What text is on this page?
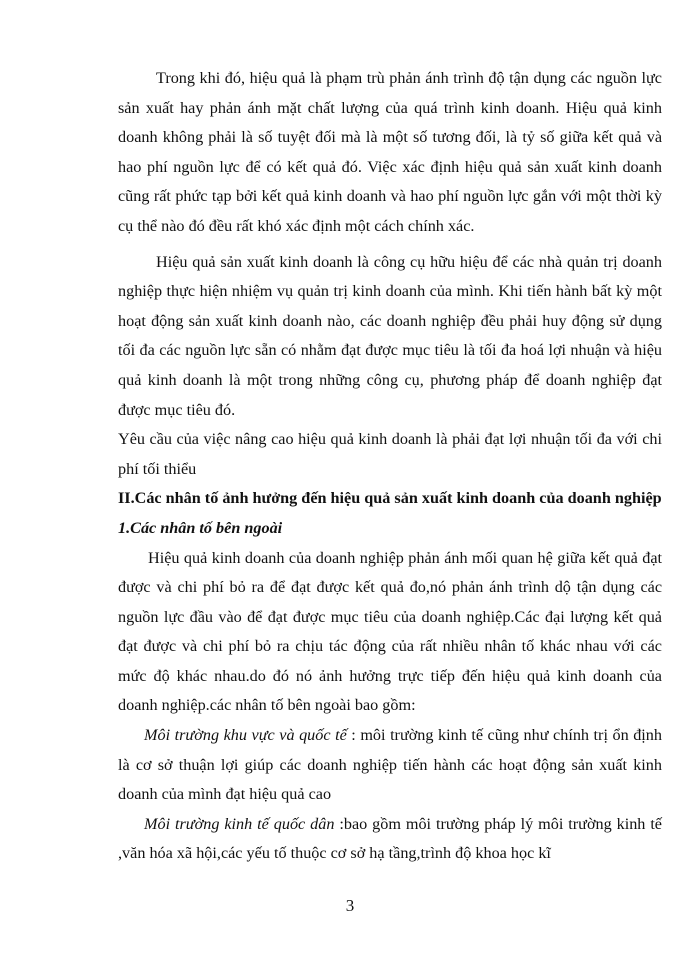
Trong khi đó, hiệu quả là phạm trù phản ánh trình độ tận dụng các nguồn lực sản xuất hay phản ánh mặt chất lượng của quá trình kinh doanh. Hiệu quả kinh doanh không phải là số tuyệt đối mà là một số tương đối, là tỷ số giữa kết quả và hao phí nguồn lực để có kết quả đó. Việc xác định hiệu quả sản xuất kinh doanh cũng rất phức tạp bởi kết quả kinh doanh và hao phí nguồn lực gắn với một thời kỳ cụ thể nào đó đều rất khó xác định một cách chính xác.

Hiệu quả sản xuất kinh doanh là công cụ hữu hiệu để các nhà quản trị doanh nghiệp thực hiện nhiệm vụ quản trị kinh doanh của mình. Khi tiến hành bất kỳ một hoạt động sản xuất kinh doanh nào, các doanh nghiệp đều phải huy động sử dụng tối đa các nguồn lực sẵn có nhằm đạt được mục tiêu là tối đa hoá lợi nhuận và hiệu quả kinh doanh là một trong những công cụ, phương pháp để doanh nghiệp đạt được mục tiêu đó.

Yêu cầu của việc nâng cao hiệu quả kinh doanh là phải đạt lợi nhuận tối đa với chi phí tối thiểu

II.Các nhân tố ảnh hưởng đến hiệu quả sản xuất kinh doanh của doanh nghiệp

1.Các nhân tố bên ngoài

Hiệu quả kinh doanh của doanh nghiệp phản ánh mối quan hệ giữa kết quả đạt được và chi phí bỏ ra để đạt được kết quả đo,nó phản ánh trình dộ tận dụng các nguồn lực đầu vào để đạt được mục tiêu của doanh nghiệp.Các đại lượng kết quả đạt được và chi phí bỏ ra chịu tác động của rất nhiều nhân tố khác nhau với các mức độ khác nhau.do đó nó ảnh hưởng trực tiếp đến hiệu quả kinh doanh của doanh nghiệp.các nhân tố bên ngoài bao gồm:

Môi trường khu vực và quốc tế : môi trường kinh tế cũng như chính trị ổn định là cơ sở thuận lợi giúp các doanh nghiệp tiến hành các hoạt động sản xuất kinh doanh của mình đạt hiệu quả cao

Môi trường kinh tế quốc dân :bao gồm môi trường pháp lý môi trường kinh tế ,văn hóa xã hội,các yếu tố thuộc cơ sở hạ tầng,trình độ khoa học kĩ

3
